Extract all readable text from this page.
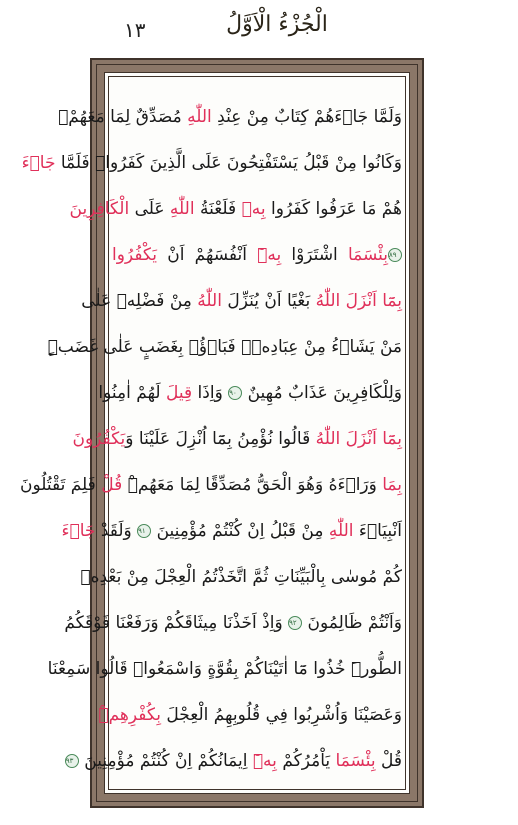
الْجُزْءُ الْاَوَّلُ
١٣
وَلَمَّا جَاۤءَهُمْ كِتَابٌ مِنْ عِنْدِ اللّٰهِ مُصَدِّقٌ لِمَا مَعَهُمْۙ
وَكَانُوا مِنْ قَبْلُ يَسْتَفْتِحُونَ عَلَى الَّذِينَ كَفَرُواۚ فَلَمَّا جَاۤءَ
هُمْ مَا عَرَفُوا كَفَرُوا بِهٖ فَلَعْنَةُ اللّٰهِ عَلَى الْكَافِرِينَ
٨٩بِئْسَمَا اشْتَرَوْا بِهٖٓ اَنْفُسَهُمْ اَنْ يَكْفُرُوا
بِمَٓا اَنْزَلَ اللّٰهُ بَغْيًا اَنْ يُنَزِّلَ اللّٰهُ مِنْ فَضْلِهٖ عَلٰى
مَنْ يَشَاۤءُ مِنْ عِبَادِهٖۚ فَبَاۤؤُ۫ بِغَضَبٍ عَلٰى غَضَبٍۜ
وَلِلْكَافِرِينَ عَذَابٌ مُهِينٌ ٩٠ وَاِذَا قِيلَ لَهُمْ اٰمِنُوا
بِمَٓا اَنْزَلَ اللّٰهُ قَالُوا نُؤْمِنُ بِمَٓا اُنْزِلَ عَلَيْنَا وَيَكْفُرُونَ
بِمَا وَرَاۤءَهُ وَهُوَ الْحَقُّ مُصَدِّقًا لِمَا مَعَهُمْۜ قُلْ فَلِمَ تَقْتُلُونَ
اَنْبِيَاۤءَ اللّٰهِ مِنْ قَبْلُ اِنْ كُنْتُمْ مُؤْمِنِينَ ٩١ وَلَقَدْ جَاۤءَ
كُمْ مُوسٰى بِالْبَيِّنَاتِ ثُمَّ اتَّخَذْتُمُ الْعِجْلَ مِنْ بَعْدِهٖ
وَاَنْتُمْ ظَالِمُونَ ٩٢ وَاِذْ اَخَذْنَا مِيثَاقَكُمْ وَرَفَعْنَا فَوْقَكُمُ
الطُّورَۜ خُذُوا مَٓا اٰتَيْنَاكُمْ بِقُوَّةٍ وَاسْمَعُواۜ قَالُوا سَمِعْنَا
وَعَصَيْنَا وَاُشْرِبُوا فِي قُلُوبِهِمُ الْعِجْلَ بِكُفْرِهِمْۜ
قُلْ بِئْسَمَا يَاْمُرُكُمْ بِهٖٓ اِيمَانُكُمْ اِنْ كُنْتُمْ مُؤْمِنِينَ ٩٣
